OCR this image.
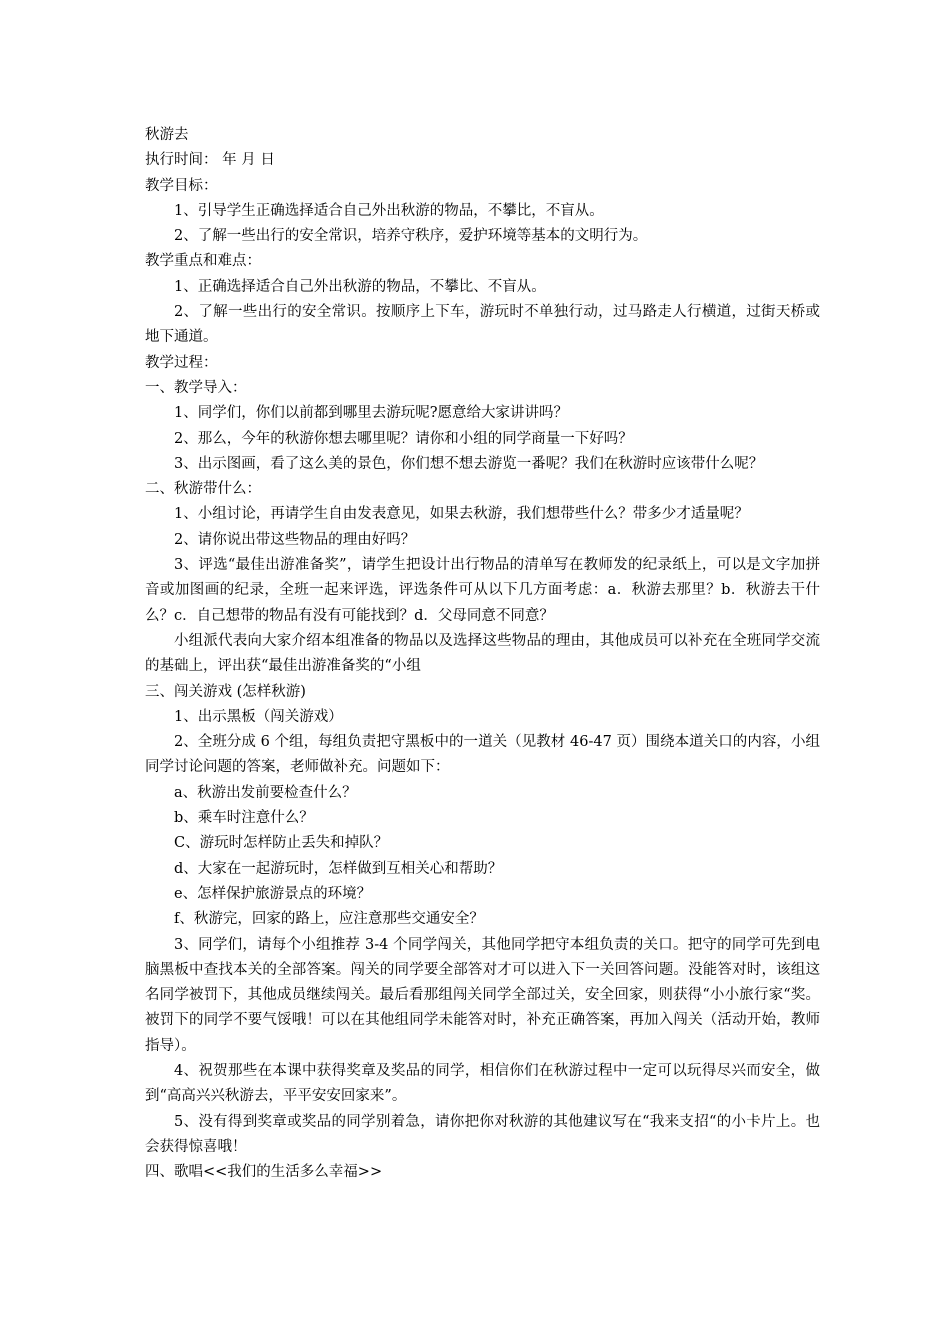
秋游去
执行时间： 年 月 日
教学目标：
1、引导学生正确选择适合自己外出秋游的物品，不攀比，不盲从。
2、了解一些出行的安全常识，培养守秩序，爱护环境等基本的文明行为。
教学重点和难点：
1、正确选择适合自己外出秋游的物品，不攀比、不盲从。
2、了解一些出行的安全常识。按顺序上下车，游玩时不单独行动，过马路走人行横道，过街天桥或地下通道。
教学过程：
一、教学导入：
1、同学们，你们以前都到哪里去游玩呢?愿意给大家讲讲吗？
2、那么，今年的秋游你想去哪里呢？请你和小组的同学商量一下好吗？
3、出示图画，看了这么美的景色，你们想不想去游览一番呢？我们在秋游时应该带什么呢？
二、秋游带什么：
1、小组讨论，再请学生自由发表意见，如果去秋游，我们想带些什么？带多少才适量呢？
2、请你说出带这些物品的理由好吗？
3、评选“最佳出游准备奖”，请学生把设计出行物品的清单写在教师发的纪录纸上，可以是文字加拼音或加图画的纪录，全班一起来评选，评选条件可从以下几方面考虑：a．秋游去那里？b．秋游去干什么？c．自己想带的物品有没有可能找到？d．父母同意不同意？
小组派代表向大家介绍本组准备的物品以及选择这些物品的理由，其他成员可以补充在全班同学交流的基础上，评出获“最佳出游准备奖的“小组
三、闯关游戏 (怎样秋游)
1、出示黑板（闯关游戏）
2、全班分成 6 个组，每组负责把守黑板中的一道关（见教材 46-47 页）围绕本道关口的内容，小组同学讨论问题的答案，老师做补充。问题如下：
a、秋游出发前要检查什么？
b、乘车时注意什么？
C、游玩时怎样防止丢失和掉队？
d、大家在一起游玩时，怎样做到互相关心和帮助？
e、怎样保护旅游景点的环境？
f、秋游完，回家的路上，应注意那些交通安全？
3、同学们，请每个小组推荐 3-4 个同学闯关，其他同学把守本组负责的关口。把守的同学可先到电脑黑板中查找本关的全部答案。闯关的同学要全部答对才可以进入下一关回答问题。没能答对时，该组这名同学被罚下，其他成员继续闯关。最后看那组闯关同学全部过关，安全回家，则获得“小小旅行家“奖。被罚下的同学不要气馁哦！可以在其他组同学未能答对时，补充正确答案，再加入闯关（活动开始，教师指导）。
4、祝贺那些在本课中获得奖章及奖品的同学，相信你们在秋游过程中一定可以玩得尽兴而安全，做到“高高兴兴秋游去，平平安安回家来”。
5、没有得到奖章或奖品的同学别着急，请你把你对秋游的其他建议写在“我来支招“的小卡片上。也会获得惊喜哦！
四、歌唱<<我们的生活多么幸福>>
